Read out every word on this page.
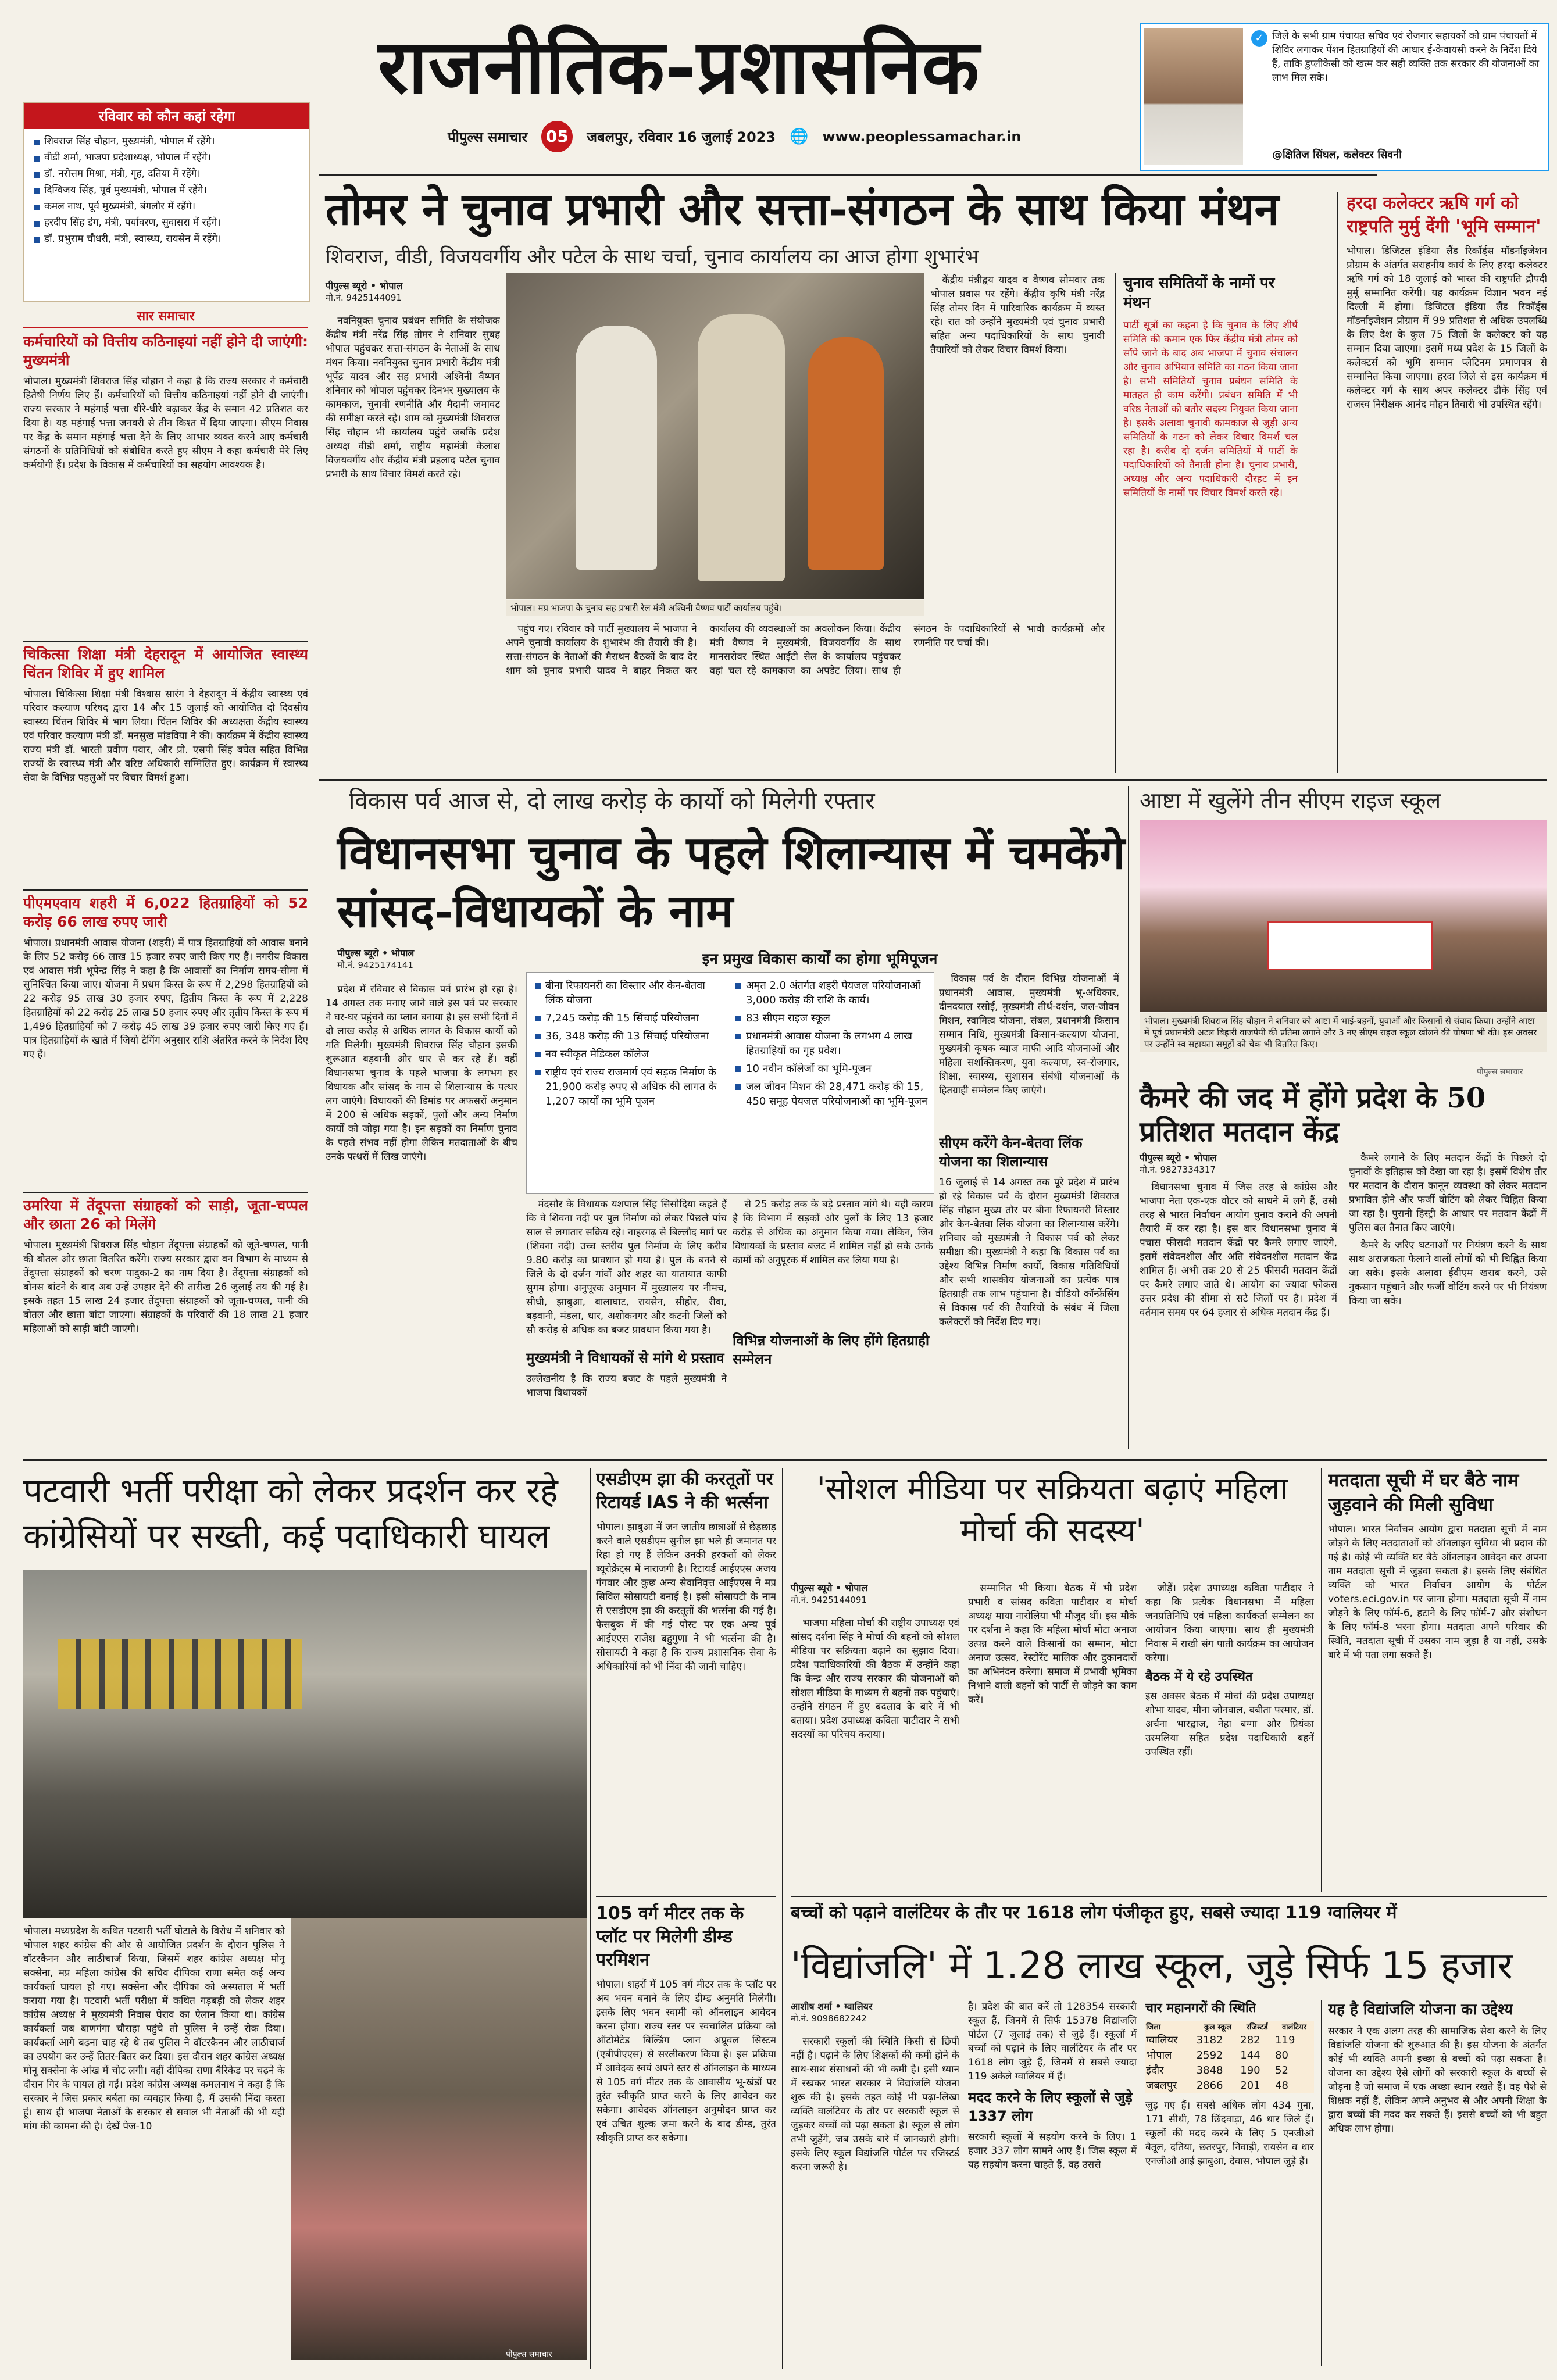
राजनीतिक-प्रशासनिक
पीपुल्स समाचार 05	जबलपुर, रविवार 16 जुलाई 2023 🌐 www.peoplessamachar.in
✓ जिले के सभी ग्राम पंचायत सचिव एवं रोजगार सहायकों को ग्राम पंचायतों में शिविर लगाकर पेंशन हितग्राहियों की आधार ई-केवायसी करने के निर्देश दिये हैं, ताकि डुप्लीकेसी को खत्म कर सही व्यक्ति तक सरकार की योजनाओं का लाभ मिल सके।
@क्षितिज सिंघल, कलेक्टर सिवनी
रविवार को कौन कहां रहेगा
शिवराज सिंह चौहान, मुख्यमंत्री, भोपाल में रहेंगे।
वीडी शर्मा, भाजपा प्रदेशाध्यक्ष, भोपाल में रहेंगे।
डॉ. नरोत्तम मिश्रा, मंत्री, गृह, दतिया में रहेंगे।
दिग्विजय सिंह, पूर्व मुख्यमंत्री, भोपाल में रहेंगे।
कमल नाथ, पूर्व मुख्यमंत्री, बंगलौर में रहेंगे।
हरदीप सिंह डंग, मंत्री, पर्यावरण, सुवासरा में रहेंगे।
डॉ. प्रभुराम चौधरी, मंत्री, स्वास्थ्य, रायसेन में रहेंगे।
सार समाचार
कर्मचारियों को वित्तीय कठिनाइयां नहीं होने दी जाएंगी: मुख्यमंत्री
भोपाल। मुख्यमंत्री शिवराज सिंह चौहान ने कहा है कि राज्य सरकार ने कर्मचारी हितैषी निर्णय लिए हैं। कर्मचारियों को वित्तीय कठिनाइयां नहीं होने दी जाएंगी। राज्य सरकार ने महंगाई भत्ता धीरे-धीरे बढ़ाकर केंद्र के समान 42 प्रतिशत कर दिया है। यह महंगाई भत्ता जनवरी से तीन किश्त में दिया जाएगा। सीएम निवास पर केंद्र के समान महंगाई भत्ता देने के लिए आभार व्यक्त करने आए कर्मचारी संगठनों के प्रतिनिधियों को संबोधित करते हुए सीएम ने कहा कर्मचारी मेरे लिए कर्मयोगी हैं। प्रदेश के विकास में कर्मचारियों का सहयोग आवश्यक है।
चिकित्सा शिक्षा मंत्री देहरादून में आयोजित स्वास्थ्य चिंतन शिविर में हुए शामिल
भोपाल। चिकित्सा शिक्षा मंत्री विश्वास सारंग ने देहरादून में केंद्रीय स्वास्थ्य एवं परिवार कल्याण परिषद द्वारा 14 और 15 जुलाई को आयोजित दो दिवसीय स्वास्थ्य चिंतन शिविर में भाग लिया। चिंतन शिविर की अध्यक्षता केंद्रीय स्वास्थ्य एवं परिवार कल्याण मंत्री डॉ. मनसुख मांडविया ने की। कार्यक्रम में केंद्रीय स्वास्थ्य राज्य मंत्री डॉ. भारती प्रवीण पवार, और प्रो. एसपी सिंह बघेल सहित विभिन्न राज्यों के स्वास्थ्य मंत्री और वरिष्ठ अधिकारी सम्मिलित हुए। कार्यक्रम में स्वास्थ्य सेवा के विभिन्न पहलुओं पर विचार विमर्श हुआ।
पीएमएवाय शहरी में 6,022 हितग्राहियों को 52 करोड़ 66 लाख रुपए जारी
भोपाल। प्रधानमंत्री आवास योजना (शहरी) में पात्र हितग्राहियों को आवास बनाने के लिए 52 करोड़ 66 लाख 15 हजार रुपए जारी किए गए हैं। नगरीय विकास एवं आवास मंत्री भूपेन्द्र सिंह ने कहा है कि आवासों का निर्माण समय-सीमा में सुनिश्चित किया जाए। योजना में प्रथम किस्त के रूप में 2,298 हितग्राहियों को 22 करोड़ 95 लाख 30 हजार रुपए, द्वितीय किस्त के रूप में 2,228 हितग्राहियों को 22 करोड़ 25 लाख 50 हजार रुपए और तृतीय किस्त के रूप में 1,496 हितग्राहियों को 7 करोड़ 45 लाख 39 हजार रुपए जारी किए गए हैं। पात्र हितग्राहियों के खाते में जियो टेगिंग अनुसार राशि अंतरित करने के निर्देश दिए गए हैं।
उमरिया में तेंदूपत्ता संग्राहकों को साड़ी, जूता-चप्पल और छाता 26 को मिलेंगे
भोपाल। मुख्यमंत्री शिवराज सिंह चौहान तेंदूपत्ता संग्राहकों को जूते-चप्पल, पानी की बोतल और छाता वितरित करेंगे। राज्य सरकार द्वारा वन विभाग के माध्यम से तेंदूपत्ता संग्राहकों को चरण पादुका-2 का नाम दिया है। तेंदूपत्ता संग्राहकों को बोनस बांटने के बाद अब उन्हें उपहार देने की तारीख 26 जुलाई तय की गई है। इसके तहत 15 लाख 24 हजार तेंदूपत्ता संग्राहकों को जूता-चप्पल, पानी की बोतल और छाता बांटा जाएगा। संग्राहकों के परिवारों की 18 लाख 21 हजार महिलाओं को साड़ी बांटी जाएगी।
तोमर ने चुनाव प्रभारी और सत्ता-संगठन के साथ किया मंथन
शिवराज, वीडी, विजयवर्गीय और पटेल के साथ चर्चा, चुनाव कार्यालय का आज होगा शुभारंभ
पीपुल्स ब्यूरो • भोपाल
मो.नं. 9425144091

नवनियुक्त चुनाव प्रबंधन समिति के संयोजक केंद्रीय मंत्री नरेंद्र सिंह तोमर ने शनिवार सुबह भोपाल पहुंचकर सत्ता-संगठन के नेताओं के साथ मंथन किया। नवनियुक्त चुनाव प्रभारी केंद्रीय मंत्री भूपेंद्र यादव और सह प्रभारी अश्विनी वैष्णव शनिवार को भोपाल पहुंचकर दिनभर मुख्यालय के कामकाज, चुनावी रणनीति और मैदानी जमावट की समीक्षा करते रहे। शाम को मुख्यमंत्री शिवराज सिंह चौहान भी कार्यालय पहुंचे जबकि प्रदेश अध्यक्ष वीडी शर्मा, राष्ट्रीय महामंत्री कैलाश विजयवर्गीय और केंद्रीय मंत्री प्रहलाद पटेल चुनाव प्रभारी के साथ विचार विमर्श करते रहे।

भोपाल। मप्र भाजपा के चुनाव सह प्रभारी रेल मंत्री अश्विनी वैष्णव पार्टी कार्यालय पहुंचे।

पहुंच गए। रविवार को पार्टी मुख्यालय में भाजपा ने अपने चुनावी कार्यालय के शुभारंभ की तैयारी की है। सत्ता-संगठन के नेताओं की मैराथन बैठकों के बाद देर शाम को चुनाव प्रभारी यादव ने बाहर निकल कर कार्यालय की व्यवस्थाओं का अवलोकन किया। केंद्रीय मंत्री वैष्णव ने मुख्यमंत्री, विजयवर्गीय के साथ मानसरोवर स्थित आईटी सेल के कार्यालय पहुंचकर वहां चल रहे कामकाज का अपडेट लिया। साथ ही संगठन के पदाधिकारियों से भावी कार्यक्रमों और रणनीति पर चर्चा की।

केंद्रीय मंत्रीद्वय यादव व वैष्णव सोमवार तक भोपाल प्रवास पर रहेंगे। केंद्रीय कृषि मंत्री नरेंद्र सिंह तोमर दिन में पारिवारिक कार्यक्रम में व्यस्त रहे। रात को उन्होंने मुख्यमंत्री एवं चुनाव प्रभारी सहित अन्य पदाधिकारियों के साथ चुनावी तैयारियों को लेकर विचार विमर्श किया।

चुनाव समितियों के नामों पर मंथन
पार्टी सूत्रों का कहना है कि चुनाव के लिए शीर्ष समिति की कमान एक फिर केंद्रीय मंत्री तोमर को सौंपे जाने के बाद अब भाजपा में चुनाव संचालन और चुनाव अभियान समिति का गठन किया जाना है। सभी समितियों चुनाव प्रबंधन समिति के मातहत ही काम करेंगी। प्रबंधन समिति में भी वरिष्ठ नेताओं को बतौर सदस्य नियुक्त किया जाना है। इसके अलावा चुनावी कामकाज से जुड़ी अन्य समितियों के गठन को लेकर विचार विमर्श चल रहा है। करीब दो दर्जन समितियों में पार्टी के पदाधिकारियों को तैनाती होना है। चुनाव प्रभारी, अध्यक्ष और अन्य पदाधिकारी दौरहट में इन समितियों के नामों पर विचार विमर्श करते रहे।
हरदा कलेक्टर ऋषि गर्ग को राष्ट्रपति मुर्मु देंगी 'भूमि सम्मान'
भोपाल। डिजिटल इंडिया लैंड रिकॉर्ड्स मॉडर्नाइजेशन प्रोग्राम के अंतर्गत सराहनीय कार्य के लिए हरदा कलेक्टर ऋषि गर्ग को 18 जुलाई को भारत की राष्ट्रपति द्रौपदी मुर्मू सम्मानित करेंगी। यह कार्यक्रम विज्ञान भवन नई दिल्ली में होगा। डिजिटल इंडिया लैंड रिकॉर्ड्स मॉडर्नाइजेशन प्रोग्राम में 99 प्रतिशत से अधिक उपलब्धि के लिए देश के कुल 75 जिलों के कलेक्टर को यह सम्मान दिया जाएगा। इसमें मध्य प्रदेश के 15 जिलों के कलेक्टर्स को भूमि सम्मान प्लेटिनम प्रमाणपत्र से सम्मानित किया जाएगा। हरदा जिले से इस कार्यक्रम में कलेक्टर गर्ग के साथ अपर कलेक्टर डीके सिंह एवं राजस्व निरीक्षक आनंद मोहन तिवारी भी उपस्थित रहेंगे।
विकास पर्व आज से, दो लाख करोड़ के कार्यों को मिलेगी रफ्तार
विधानसभा चुनाव के पहले शिलान्यास में चमकेंगे सांसद-विधायकों के नाम
पीपुल्स ब्यूरो • भोपाल
मो.नं. 9425174141

प्रदेश में रविवार से विकास पर्व प्रारंभ हो रहा है। 14 अगस्त तक मनाए जाने वाले इस पर्व पर सरकार ने घर-घर पहुंचने का प्लान बनाया है। इस सभी दिनों में दो लाख करोड़ से अधिक लागत के विकास कार्यों को गति मिलेगी। मुख्यमंत्री शिवराज सिंह चौहान इसकी शुरूआत बड़वानी और धार से कर रहे हैं। वहीं विधानसभा चुनाव के पहले भाजपा के लगभग हर विधायक और सांसद के नाम से शिलान्यास के पत्थर लग जाएंगे। विधायकों की डिमांड पर अफसरों अनुमान में 200 से अधिक सड़कों, पुलों और अन्य निर्माण कार्यों को जोड़ा गया है। इन सड़कों का निर्माण चुनाव के पहले संभव नहीं होगा लेकिन मतदाताओं के बीच उनके पत्थरों में लिख जाएंगे।

इन प्रमुख विकास कार्यों का होगा भूमिपूजन
बीना रिफायनरी का विस्तार और केन-बेतवा लिंक योजना
7,245 करोड़ की 15 सिंचाई परियोजना
36, 348 करोड़ की 13 सिंचाई परियोजना
नव स्वीकृत मेडिकल कॉलेज
राष्ट्रीय एवं राज्य राजमार्ग एवं सड़क निर्माण के 21,900 करोड़ रुपए से अधिक की लागत के 1,207 कार्यों का भूमि पूजन
अमृत 2.0 अंतर्गत शहरी पेयजल परियोजनाओं 3,000 करोड़ की राशि के कार्य।
83 सीएम राइज स्कूल
प्रधानमंत्री आवास योजना के लगभग 4 लाख हितग्राहियों का गृह प्रवेश।
10 नवीन कॉलेजों का भूमि-पूजन
जल जीवन मिशन की 28,471 करोड़ की 15, 450 समूह पेयजल परियोजनाओं का भूमि-पूजन

विकास पर्व के दौरान विभिन्न योजनाओं में प्रधानमंत्री आवास, मुख्यमंत्री भू-अधिकार, दीनदयाल रसोई, मुख्यमंत्री तीर्थ-दर्शन, जल-जीवन मिशन, स्वामित्व योजना, संबल, प्रधानमंत्री किसान सम्मान निधि, मुख्यमंत्री किसान-कल्याण योजना, मुख्यमंत्री कृषक ब्याज माफी आदि योजनाओं और महिला सशक्तिकरण, युवा कल्याण, स्व-रोजगार, शिक्षा, स्वास्थ्य, सुशासन संबंधी योजनाओं के हितग्राही सम्मेलन किए जाएंगे।

सीएम करेंगे केन-बेतवा लिंक योजना का शिलान्यास
16 जुलाई से 14 अगस्त तक पूरे प्रदेश में प्रारंभ हो रहे विकास पर्व के दौरान मुख्यमंत्री शिवराज सिंह चौहान मुख्य तौर पर बीना रिफायनरी विस्तार और केन-बेतवा लिंक योजना का शिलान्यास करेंगे। शनिवार को मुख्यमंत्री ने विकास पर्व को लेकर समीक्षा की। मुख्यमंत्री ने कहा कि विकास पर्व का उद्देश्य विभिन्न निर्माण कार्यों, विकास गतिविधियों और सभी शासकीय योजनाओं का प्रत्येक पात्र हितग्राही तक लाभ पहुंचाना है। वीडियो कॉन्फ्रेंसिंग से विकास पर्व की तैयारियों के संबंध में जिला कलेक्टरों को निर्देश दिए गए।

मंदसौर के विधायक यशपाल सिंह सिसोदिया कहते हैं कि वे शिवना नदी पर पुल निर्माण को लेकर पिछले पांच साल से लगातार सक्रिय रहे। नाहरगढ़ से बिल्लौद मार्ग पर (शिवना नदी) उच्च स्तरीय पुल निर्माण के लिए करीब 9.80 करोड़ का प्रावधान हो गया है। पुल के बनने से जिले के दो दर्जन गांवों और शहर का यातायात काफी सुगम होगा। अनुपूरक अनुमान में मुख्यालय पर नीमच, सीधी, झाबुआ, बालाघाट, रायसेन, सीहोर, रीवा, बड़वानी, मंडला, धार, अशोकनगर और कटनी जिलों को सौ करोड़ से अधिक का बजट प्रावधान किया गया है।

मुख्यमंत्री ने विधायकों से मांगे थे प्रस्ताव
उल्लेखनीय है कि राज्य बजट के पहले मुख्यमंत्री ने भाजपा विधायकों

से 25 करोड़ तक के बड़े प्रस्ताव मांगे थे। यही कारण है कि विभाग में सड़कों और पुलों के लिए 13 हजार करोड़ से अधिक का अनुमान किया गया। लेकिन, जिन विधायकों के प्रस्ताव बजट में शामिल नहीं हो सके उनके कामों को अनुपूरक में शामिल कर लिया गया है।

विभिन्न योजनाओं के लिए होंगे हितग्राही सम्मेलन
आष्टा में खुलेंगे तीन सीएम राइज स्कूल
भोपाल। मुख्यमंत्री शिवराज सिंह चौहान ने शनिवार को आष्टा में भाई-बहनों, युवाओं और किसानों से संवाद किया। उन्होंने आष्टा में पूर्व प्रधानमंत्री अटल बिहारी वाजपेयी की प्रतिमा लगाने और 3 नए सीएम राइज स्कूल खोलने की घोषणा भी की। इस अवसर पर उन्होंने स्व सहायता समूहों को चेक भी वितरित किए।
पीपुल्स समाचार
कैमरे की जद में होंगे प्रदेश के 50 प्रतिशत मतदान केंद्र
पीपुल्स ब्यूरो • भोपाल
मो.नं. 9827334317

विधानसभा चुनाव में जिस तरह से कांग्रेस और भाजपा नेता एक-एक वोटर को साधने में लगे हैं, उसी तरह से भारत निर्वाचन आयोग चुनाव कराने की अपनी तैयारी में कर रहा है। इस बार विधानसभा चुनाव में पचास फीसदी मतदान केंद्रों पर कैमरे लगाए जाएंगे, इसमें संवेदनशील और अति संवेदनशील मतदान केंद्र शामिल हैं। अभी तक 20 से 25 फीसदी मतदान केंद्रों पर कैमरे लगाए जाते थे। आयोग का ज्यादा फोकस उत्तर प्रदेश की सीमा से सटे जिलों पर है। प्रदेश में वर्तमान समय पर 64 हजार से अधिक मतदान केंद्र हैं।

कैमरे लगाने के लिए मतदान केंद्रों के पिछले दो चुनावों के इतिहास को देखा जा रहा है। इसमें विशेष तौर पर मतदान के दौरान कानून व्यवस्था को लेकर मतदान प्रभावित होने और फर्जी वोटिंग को लेकर चिह्नित किया जा रहा है। पुरानी हिस्ट्री के आधार पर मतदान केंद्रों में पुलिस बल तैनात किए जाएंगे।

कैमरे के जरिए घटनाओं पर नियंत्रण करने के साथ साथ अराजकता फैलाने वालों लोगों को भी चिह्नित किया जा सके। इसके अलावा ईवीएम खराब करने, उसे नुकसान पहुंचाने और फर्जी वोटिंग करने पर भी नियंत्रण किया जा सके।

पटवारी भर्ती परीक्षा को लेकर प्रदर्शन कर रहे कांग्रेसियों पर सख्ती, कई पदाधिकारी घायल
भोपाल। मध्यप्रदेश के कथित पटवारी भर्ती घोटाले के विरोध में शनिवार को भोपाल शहर कांग्रेस की ओर से आयोजित प्रदर्शन के दौरान पुलिस ने वॉटरकैनन और लाठीचार्ज किया, जिसमें शहर कांग्रेस अध्यक्ष मोनू सक्सेना, मप्र महिला कांग्रेस की सचिव दीपिका राणा समेत कई अन्य कार्यकर्ता घायल हो गए। सक्सेना और दीपिका को अस्पताल में भर्ती कराया गया है। पटवारी भर्ती परीक्षा में कथित गड़बड़ी को लेकर शहर कांग्रेस अध्यक्ष ने मुख्यमंत्री निवास घेराव का ऐलान किया था। कांग्रेस कार्यकर्ता जब बाणगंगा चौराहा पहुंचे तो पुलिस ने उन्हें रोक दिया। कार्यकर्ता आगे बढ़ना चाह रहे थे तब पुलिस ने वॉटरकैनन और लाठीचार्ज का उपयोग कर उन्हें तितर-बितर कर दिया। इस दौरान शहर कांग्रेस अध्यक्ष मोनू सक्सेना के आंख में चोट लगी। वहीं दीपिका राणा बैरिकेड पर चढ़ने के दौरान गिर के घायल हो गईं। प्रदेश कांग्रेस अध्यक्ष कमलनाथ ने कहा है कि सरकार ने जिस प्रकार बर्बता का व्यवहार किया है, मैं उसकी निंदा करता हूं। साथ ही भाजपा नेताओं के सरकार से सवाल भी नेताओं की भी यही मांग की कामना की है। देखें पेज-10
पीपुल्स समाचार
एसडीएम झा की करतूतों पर रिटायर्ड IAS ने की भर्त्सना
भोपाल। झाबुआ में जन जातीय छात्राओं से छेड़छाड़ करने वाले एसडीएम सुनील झा भले ही जमानत पर रिहा हो गए हैं लेकिन उनकी हरकतों को लेकर ब्यूरोक्रेट्स में नाराजगी है। रिटायर्ड आईएएस अजय गंगवार और कुछ अन्य सेवानिवृत्त आईएएस ने मप्र सिविल सोसायटी बनाई है। इसी सोसायटी के नाम से एसडीएम झा की करतूतों की भर्त्सना की गई है। फेसबुक में की गई पोस्ट पर एक अन्य पूर्व आईएएस राजेश बहुगुणा ने भी भर्त्सना की है। सोसायटी ने कहा है कि राज्य प्रशासनिक सेवा के अधिकारियों को भी निंदा की जानी चाहिए।
105 वर्ग मीटर तक के प्लॉट पर मिलेगी डीम्ड परमिशन
भोपाल। शहरों में 105 वर्ग मीटर तक के प्लॉट पर अब भवन बनाने के लिए डीम्ड अनुमति मिलेगी। इसके लिए भवन स्वामी को ऑनलाइन आवेदन करना होगा। राज्य स्तर पर स्वचालित प्रक्रिया को ऑटोमेटेड बिल्डिंग प्लान अप्रूवल सिस्टम (एबीपीएएस) से सरलीकरण किया है। इस प्रक्रिया में आवेदक स्वयं अपने स्तर से ऑनलाइन के माध्यम से 105 वर्ग मीटर तक के आवासीय भू-खंडों पर तुरंत स्वीकृति प्राप्त करने के लिए आवेदन कर सकेगा। आवेदक ऑनलाइन अनुमोदन प्राप्त कर एवं उचित शुल्क जमा करने के बाद डीम्ड, तुरंत स्वीकृति प्राप्त कर सकेगा।
'सोशल मीडिया पर सक्रियता बढ़ाएं महिला मोर्चा की सदस्य'
पीपुल्स ब्यूरो • भोपाल
मो.नं. 9425144091

भाजपा महिला मोर्चा की राष्ट्रीय उपाध्यक्ष एवं सांसद दर्शना सिंह ने मोर्चा की बहनों को सोशल मीडिया पर सक्रियता बढ़ाने का सुझाव दिया। प्रदेश पदाधिकारियों की बैठक में उन्होंने कहा कि केन्द्र और राज्य सरकार की योजनाओं को सोशल मीडिया के माध्यम से बहनों तक पहुंचाएं। उन्होंने संगठन में हुए बदलाव के बारे में भी बताया। प्रदेश उपाध्यक्ष कविता पाटीदार ने सभी सदस्यों का परिचय कराया।

सम्मानित भी किया। बैठक में भी प्रदेश प्रभारी व सांसद कविता पाटीदार व मोर्चा अध्यक्ष माया नारोलिया भी मौजूद थीं। इस मौके पर दर्शना ने कहा कि महिला मोर्चा मोटा अनाज उत्पन्न करने वाले किसानों का सम्मान, मोटा अनाज उत्सव, रेस्टोरेंट मालिक और दुकानदारों का अभिनंदन करेगा। समाज में प्रभावी भूमिका निभाने वाली बहनों को पार्टी से जोड़ने का काम करें।

जोड़ें। प्रदेश उपाध्यक्ष कविता पाटीदार ने कहा कि प्रत्येक विधानसभा में महिला जनप्रतिनिधि एवं महिला कार्यकर्ता सम्मेलन का आयोजन किया जाएगा। साथ ही मुख्यमंत्री निवास में राखी संग पाती कार्यक्रम का आयोजन करेगा।

बैठक में ये रहे उपस्थित
इस अवसर बैठक में मोर्चा की प्रदेश उपाध्यक्ष शोभा यादव, मीना जोनवाल, बबीता परमार, डॉ. अर्चना भारद्वाज, नेहा बग्गा और प्रियंका उरमलिया सहित प्रदेश पदाधिकारी बहनें उपस्थित रहीं।
मतदाता सूची में घर बैठे नाम जुड़वाने की मिली सुविधा
भोपाल। भारत निर्वाचन आयोग द्वारा मतदाता सूची में नाम जोड़ने के लिए मतदाताओं को ऑनलाइन सुविधा भी प्रदान की गई है। कोई भी व्यक्ति घर बैठे ऑनलाइन आवेदन कर अपना नाम मतदाता सूची में जुड़वा सकता है। इसके लिए संबंधित व्यक्ति को भारत निर्वाचन आयोग के पोर्टल voters.eci.gov.in पर जाना होगा। मतदाता सूची में नाम जोड़ने के लिए फॉर्म-6, हटाने के लिए फॉर्म-7 और संशोधन के लिए फॉर्म-8 भरना होगा। मतदाता अपने परिवार की स्थिति, मतदाता सूची में उसका नाम जुड़ा है या नहीं, उसके बारे में भी पता लगा सकते हैं।
बच्चों को पढ़ाने वालंटियर के तौर पर 1618 लोग पंजीकृत हुए, सबसे ज्यादा 119 ग्वालियर में
'विद्यांजलि' में 1.28 लाख स्कूल, जुड़े सिर्फ 15 हजार
आशीष शर्मा • ग्वालियर
मो.नं. 9098682242

सरकारी स्कूलों की स्थिति किसी से छिपी नहीं है। पढ़ाने के लिए शिक्षकों की कमी होने के साथ-साथ संसाधनों की भी कमी है। इसी ध्यान में रखकर भारत सरकार ने विद्यांजलि योजना शुरू की है। इसके तहत कोई भी पढ़ा-लिखा व्यक्ति वालंटियर के तौर पर सरकारी स्कूल से जुड़कर बच्चों को पढ़ा सकता है। स्कूल से लोग तभी जुड़ेंगे, जब उसके बारे में जानकारी होगी। इसके लिए स्कूल विद्यांजलि पोर्टल पर रजिस्टर्ड करना जरूरी है।

है। प्रदेश की बात करें तो 128354 सरकारी स्कूल हैं, जिनमें से सिर्फ 15378 विद्यांजलि पोर्टल (7 जुलाई तक) से जुड़े हैं। स्कूलों में बच्चों को पढ़ाने के लिए वालंटियर के तौर पर 1618 लोग जुड़े हैं, जिनमें से सबसे ज्यादा 119 अकेले ग्वालियर में हैं।
मदद करने के लिए स्कूलों से जुड़े 1337 लोग
सरकारी स्कूलों में सहयोग करने के लिए। 1 हजार 337 लोग सामने आए हैं। जिस स्कूल में यह सहयोग करना चाहते हैं, वह उससे
चार महानगरों की स्थिति
जिला	कुल स्कूल	रजिस्टर्ड	वालंटियर
ग्वालियर	3182	282	119
भोपाल	2592	144	80
इंदौर	3848	190	52
जबलपुर	2866	201	48
जुड़ गए हैं। सबसे अधिक लोग 434 गुना, 171 सीधी, 78 छिंदवाड़ा, 46 धार जिले हैं। स्कूलों की मदद करने के लिए 5 एनजीओ बैतूल, दतिया, छतरपुर, निवाड़ी, रायसेन व धार एनजीओ आई झाबुआ, देवास, भोपाल जुड़े हैं।
यह है विद्यांजलि योजना का उद्देश्य
सरकार ने एक अलग तरह की सामाजिक सेवा करने के लिए विद्यांजलि योजना की शुरुआत की है। इस योजना के अंतर्गत कोई भी व्यक्ति अपनी इच्छा से बच्चों को पढ़ा सकता है। योजना का उद्देश्य ऐसे लोगों को सरकारी स्कूल के बच्चों से जोड़ना है जो समाज में एक अच्छा स्थान रखते हैं। वह पेशे से शिक्षक नहीं हैं, लेकिन अपने अनुभव से और अपनी शिक्षा के द्वारा बच्चों की मदद कर सकते हैं। इससे बच्चों को भी बहुत अधिक लाभ होगा।
